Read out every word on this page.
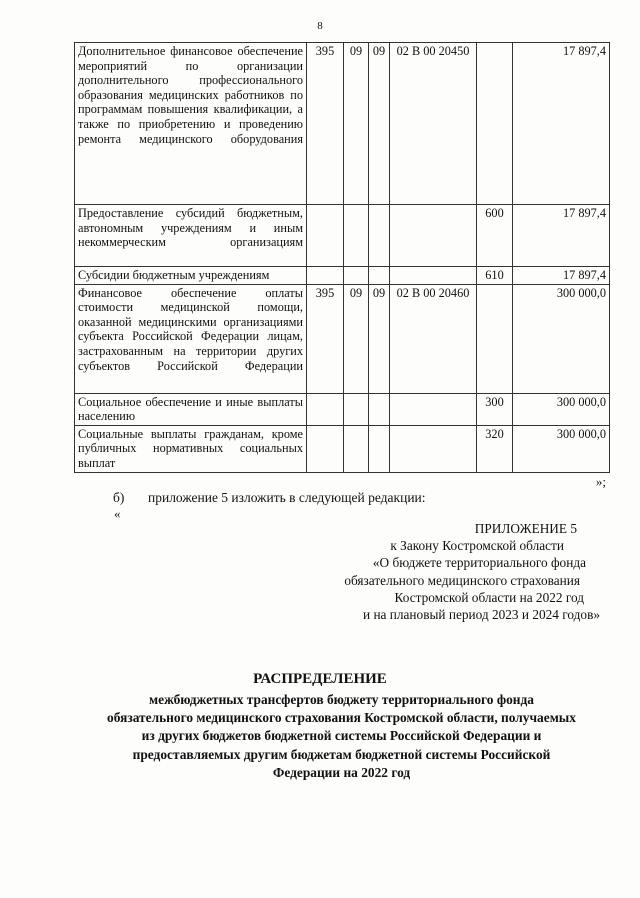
8
Дополнительное финансовое обеспечение мероприятий по организации дополнительного профессионального образования медицинских работников по программам повышения квалификации, а также по приобретению и проведению ремонта медицинского оборудования	395	09	09	02 В 00 20450		17 897,4
Предоставление субсидий бюджетным, автономным учреждениям и иным некоммерческим организациям					600	17 897,4
Субсидии бюджетным учреждениям					610	17 897,4
Финансовое обеспечение оплаты стоимости медицинской помощи, оказанной медицинскими организациями субъекта Российской Федерации лицам, застрахованным на территории других субъектов Российской Федерации	395	09	09	02 В 00 20460		300 000,0
Социальное обеспечение и иные выплаты населению					300	300 000,0
Социальные выплаты гражданам, кроме публичных нормативных социальных выплат					320	300 000,0
»;
б) приложение 5 изложить в следующей редакции:
«
ПРИЛОЖЕНИЕ 5
к Закону Костромской области
«О бюджете территориального фонда
обязательного медицинского страхования
Костромской области на 2022 год
и на плановый период 2023 и 2024 годов»
РАСПРЕДЕЛЕНИЕ
межбюджетных трансфертов бюджету территориального фонда
обязательного медицинского страхования Костромской области, получаемых
из других бюджетов бюджетной системы Российской Федерации и
предоставляемых другим бюджетам бюджетной системы Российской
Федерации на 2022 год
